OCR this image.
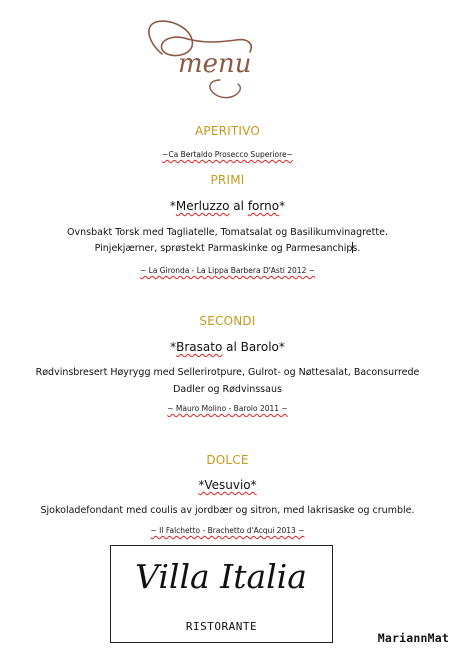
menu
APERITIVO
~Ca Bertaldo Prosecco Superiore~
PRIMI
*Merluzzo al forno*
Ovnsbakt Torsk med Tagliatelle, Tomatsalat og Basilikumvinagrette.
Pinjekjærner, sprøstekt Parmaskinke og Parmesanchips.
~ La Gironda - La Lippa Barbera D'Asti 2012 ~
SECONDI
*Brasato al Barolo*
Rødvinsbresert Høyrygg med Sellerirotpure, Gulrot- og Nøttesalat, Baconsurrede
Dadler og Rødvinssaus
~ Mauro Molino - Barolo 2011 ~
DOLCE
*Vesuvio*
Sjokoladefondant med coulis av jordbær og sitron, med lakrisaske og crumble.
~ Il Falchetto - Brachetto d'Acqui 2013 ~
Villa Italia
RISTORANTE
MariannMat
